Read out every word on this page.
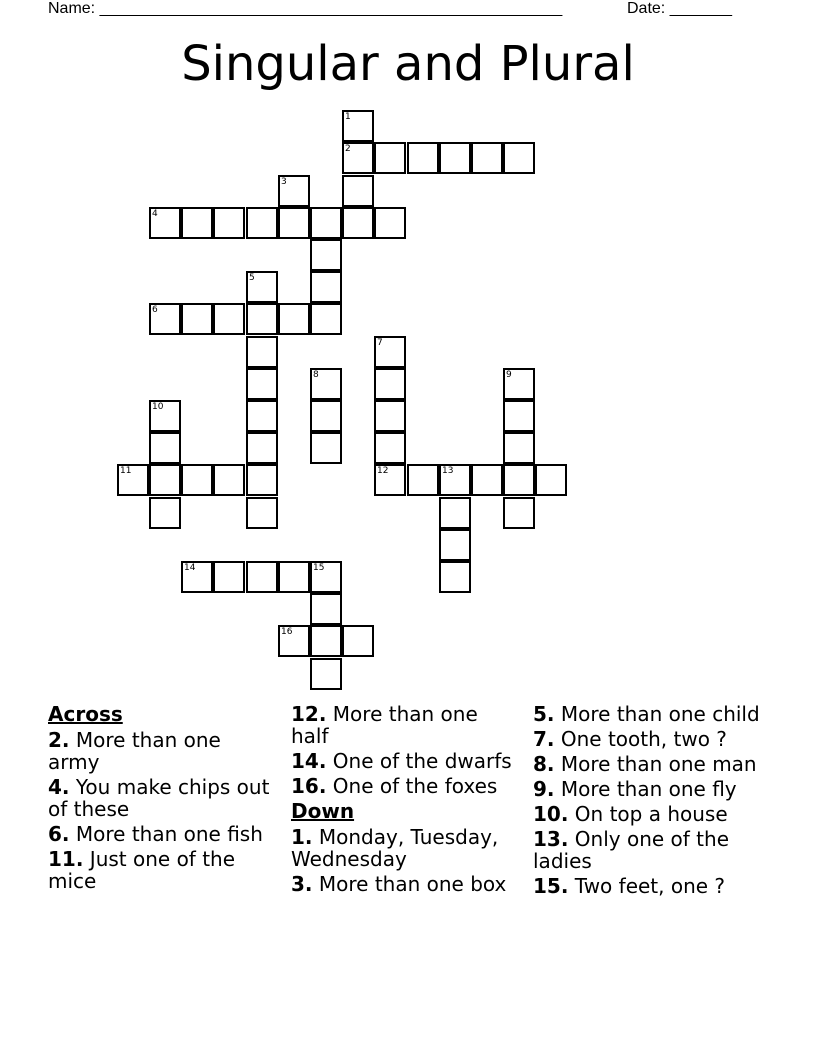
Name: ____________________________________________________	Date: _______
Singular and Plural
1
2
3
4
5
6
7
8	9
10
11	12	13
14	15
16
Across
2. More than one army
4. You make chips out of these
6. More than one fish
11. Just one of the mice
12. More than one half
14. One of the dwarfs
16. One of the foxes
Down
1. Monday, Tuesday, Wednesday
3. More than one box
5. More than one child
7. One tooth, two ?
8. More than one man
9. More than one fly
10. On top a house
13. Only one of the ladies
15. Two feet, one ?
